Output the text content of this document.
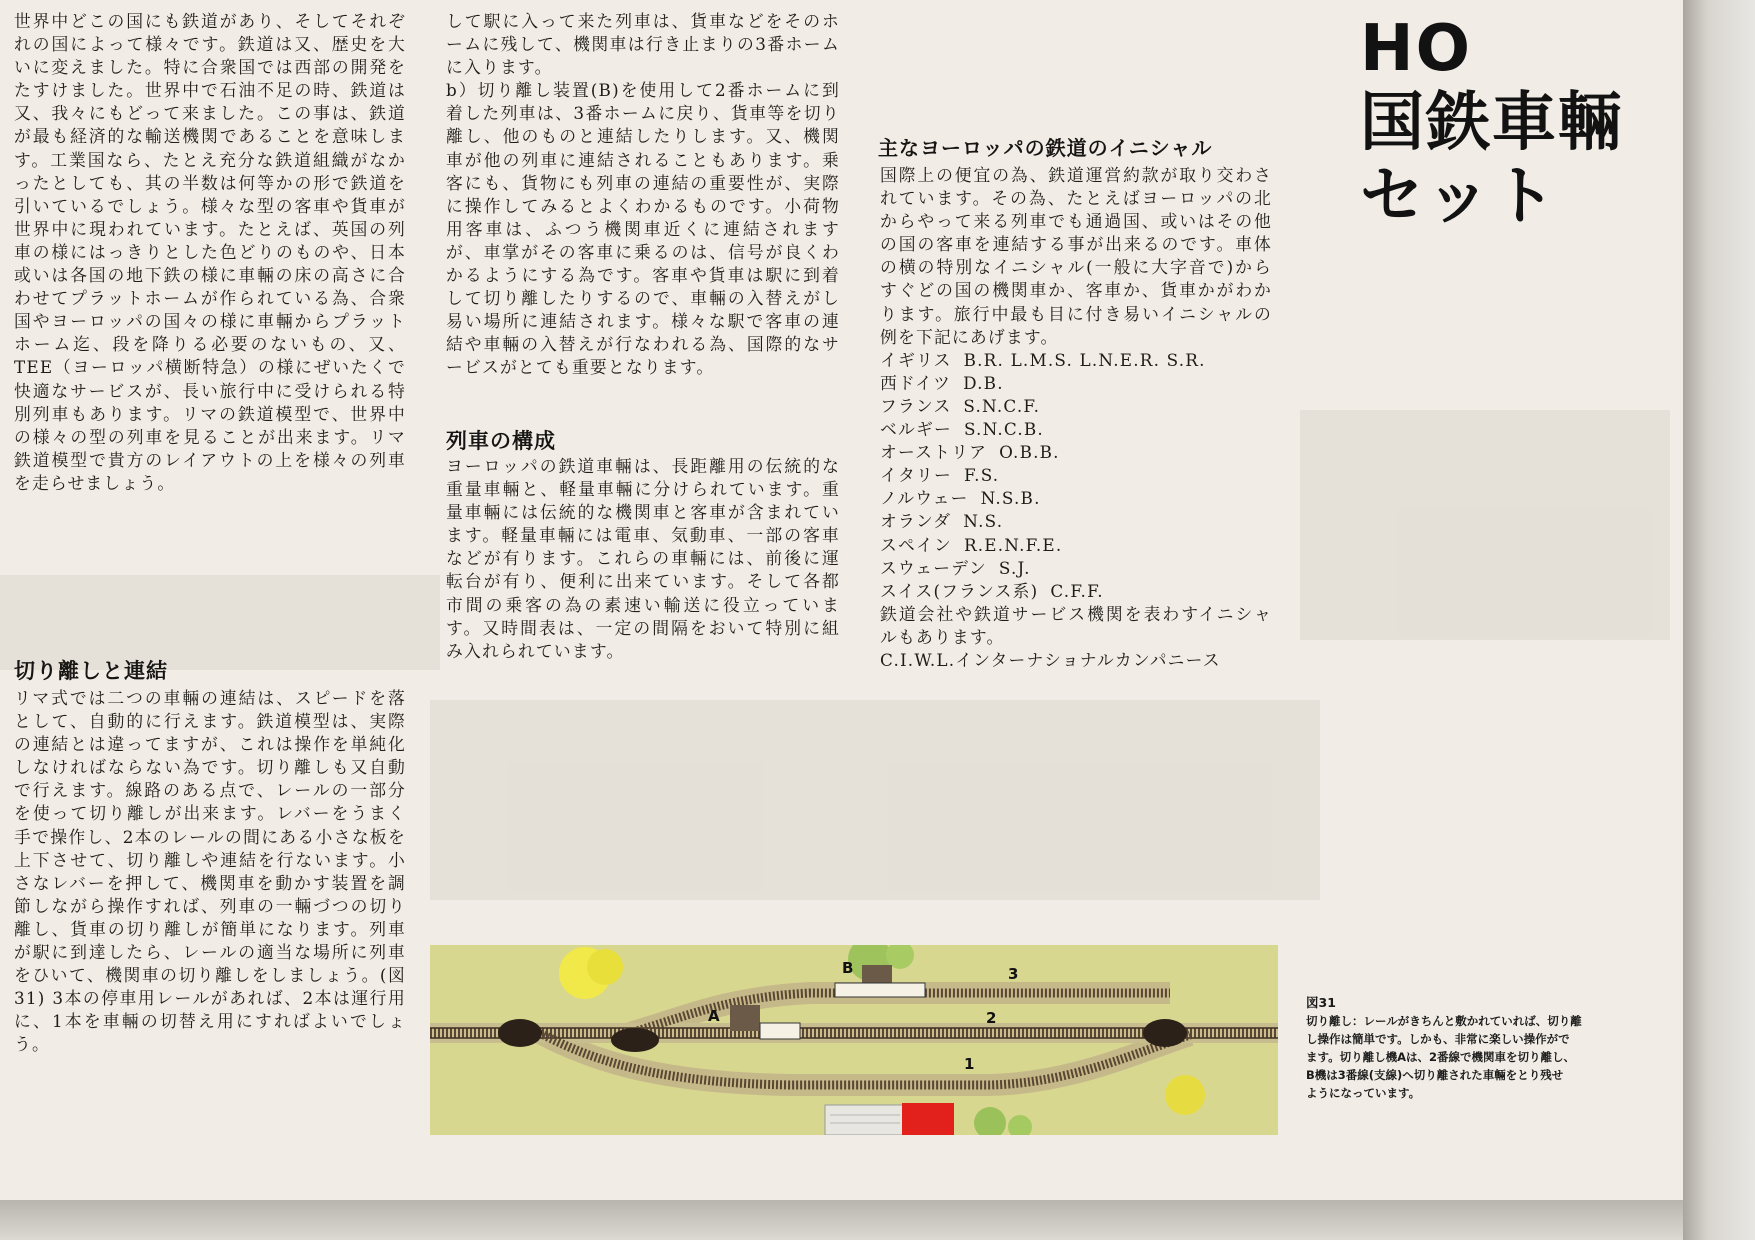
世界中どこの国にも鉄道があり、そしてそれぞれの国によって様々です。鉄道は又、歴史を大いに変えました。特に合衆国では西部の開発をたすけました。世界中で石油不足の時、鉄道は又、我々にもどって来ました。この事は、鉄道が最も経済的な輸送機関であることを意味します。工業国なら、たとえ充分な鉄道組織がなかったとしても、其の半数は何等かの形で鉄道を引いているでしょう。様々な型の客車や貨車が世界中に現われています。たとえば、英国の列車の様にはっきりとした色どりのものや、日本或いは各国の地下鉄の様に車輛の床の高さに合わせてプラットホームが作られている為、合衆国やヨーロッパの国々の様に車輛からプラットホーム迄、段を降りる必要のないもの、又、TEE（ヨーロッパ横断特急）の様にぜいたくで快適なサービスが、長い旅行中に受けられる特別列車もあります。リマの鉄道模型で、世界中の様々の型の列車を見ることが出来ます。リマ鉄道模型で貴方のレイアウトの上を様々の列車を走らせましょう。

切り離しと連結

リマ式では二つの車輛の連結は、スピードを落として、自動的に行えます。鉄道模型は、実際の連結とは違ってますが、これは操作を単純化しなければならない為です。切り離しも又自動で行えます。線路のある点で、レールの一部分を使って切り離しが出来ます。レバーをうまく手で操作し、2本のレールの間にある小さな板を上下させて、切り離しや連結を行ないます。小さなレバーを押して、機関車を動かす装置を調節しながら操作すれば、列車の一輛づつの切り離し、貨車の切り離しが簡単になります。列車が駅に到達したら、レールの適当な場所に列車をひいて、機関車の切り離しをしましょう。(図31) 3本の停車用レールがあれば、2本は運行用に、1本を車輛の切替え用にすればよいでしょう。

して駅に入って来た列車は、貨車などをそのホームに残して、機関車は行き止まりの3番ホームに入ります。

b）切り離し装置(B)を使用して2番ホームに到着した列車は、3番ホームに戻り、貨車等を切り離し、他のものと連結したりします。又、機関車が他の列車に連結されることもあります。乗客にも、貨物にも列車の連結の重要性が、実際に操作してみるとよくわかるものです。小荷物用客車は、ふつう機関車近くに連結されますが、車掌がその客車に乗るのは、信号が良くわかるようにする為です。客車や貨車は駅に到着して切り離したりするので、車輛の入替えがし易い場所に連結されます。様々な駅で客車の連結や車輛の入替えが行なわれる為、国際的なサービスがとても重要となります。

列車の構成

ヨーロッパの鉄道車輛は、長距離用の伝統的な重量車輛と、軽量車輛に分けられています。重量車輛には伝統的な機関車と客車が含まれています。軽量車輛には電車、気動車、一部の客車などが有ります。これらの車輛には、前後に運転台が有り、便利に出来ています。そして各都市間の乗客の為の素速い輸送に役立っています。又時間表は、一定の間隔をおいて特別に組み入れられています。

主なヨーロッパの鉄道のイニシャル

国際上の便宜の為、鉄道運営約款が取り交わされています。その為、たとえばヨーロッパの北からやって来る列車でも通過国、或いはその他の国の客車を連結する事が出来るのです。車体の横の特別なイニシャル(一般に大字音で)からすぐどの国の機関車か、客車か、貨車かがわかります。旅行中最も目に付き易いイニシャルの例を下記にあげます。

イギリス B.R. L.M.S. L.N.E.R. S.R.
西ドイツ D.B.
フランス S.N.C.F.
ベルギー S.N.C.B.
オーストリア O.B.B.
イタリー F.S.
ノルウェー N.S.B.
オランダ N.S.
スペイン R.E.N.F.E.
スウェーデン S.J.
スイス(フランス系) C.F.F.

鉄道会社や鉄道サービス機関を表わすイニシャルもあります。

C.I.W.L.インターナショナルカンパニース

HO
国鉄車輛
セット
A
B	3
2
1
図31
切り離し：レールがきちんと敷かれていれば、切り離
し操作は簡単です。しかも、非常に楽しい操作がで
ます。切り離し機Aは、2番線で機関車を切り離し、
B機は3番線(支線)へ切り離された車輛をとり残せ
ようになっています。
